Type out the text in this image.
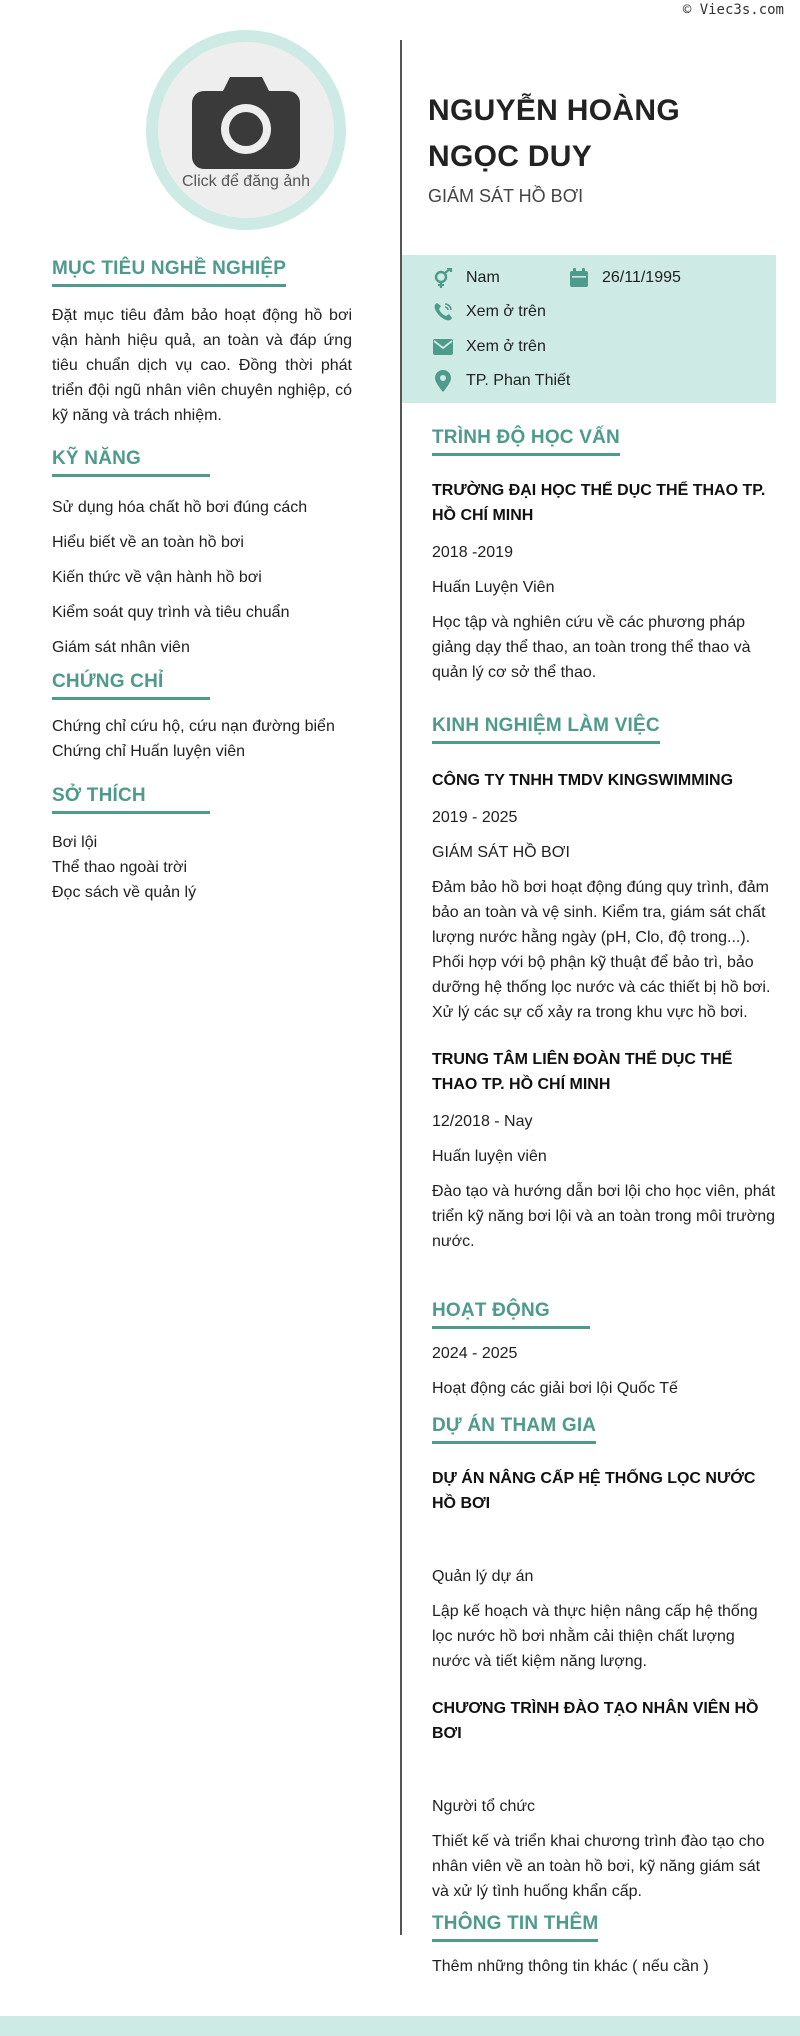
Click để đăng ảnh
MỤC TIÊU NGHỀ NGHIỆP

Đặt mục tiêu đảm bảo hoạt động hồ bơi vận hành hiệu quả, an toàn và đáp ứng tiêu chuẩn dịch vụ cao. Đồng thời phát triển đội ngũ nhân viên chuyên nghiệp, có kỹ năng và trách nhiệm.

KỸ NĂNG
Sử dụng hóa chất hồ bơi đúng cách
Hiểu biết về an toàn hồ bơi
Kiến thức về vận hành hồ bơi
Kiểm soát quy trình và tiêu chuẩn
Giám sát nhân viên
CHỨNG CHỈ
Chứng chỉ cứu hộ, cứu nạn đường biển
Chứng chỉ Huấn luyện viên
SỞ THÍCH
Bơi lội
Thể thao ngoài trời
Đọc sách về quản lý
NGUYỄN HOÀNG NGỌC DUY
GIÁM SÁT HỒ BƠI
Nam	26/11/1995
Xem ở trên
Xem ở trên
TP. Phan Thiết
TRÌNH ĐỘ HỌC VẤN
TRƯỜNG ĐẠI HỌC THỂ DỤC THỂ THAO TP. HỒ CHÍ MINH
2018 -2019
Huấn Luyện Viên
Học tập và nghiên cứu về các phương pháp giảng dạy thể thao, an toàn trong thể thao và quản lý cơ sở thể thao.
KINH NGHIỆM LÀM VIỆC
CÔNG TY TNHH TMDV KINGSWIMMING
2019 - 2025
GIÁM SÁT HỒ BƠI
Đảm bảo hồ bơi hoạt động đúng quy trình, đảm bảo an toàn và vệ sinh. Kiểm tra, giám sát chất lượng nước hằng ngày (pH, Clo, độ trong...). Phối hợp với bộ phận kỹ thuật để bảo trì, bảo dưỡng hệ thống lọc nước và các thiết bị hồ bơi. Xử lý các sự cố xảy ra trong khu vực hồ bơi.
TRUNG TÂM LIÊN ĐOÀN THỂ DỤC THỂ THAO TP. HỒ CHÍ MINH
12/2018 - Nay
Huấn luyện viên
Đào tạo và hướng dẫn bơi lội cho học viên, phát triển kỹ năng bơi lội và an toàn trong môi trường nước.
HOẠT ĐỘNG
2024 - 2025
Hoạt động các giải bơi lội Quốc Tế
DỰ ÁN THAM GIA
DỰ ÁN NÂNG CẤP HỆ THỐNG LỌC NƯỚC HỒ BƠI
Quản lý dự án
Lập kế hoạch và thực hiện nâng cấp hệ thống lọc nước hồ bơi nhằm cải thiện chất lượng nước và tiết kiệm năng lượng.
CHƯƠNG TRÌNH ĐÀO TẠO NHÂN VIÊN HỒ BƠI
Người tổ chức
Thiết kế và triển khai chương trình đào tạo cho nhân viên về an toàn hồ bơi, kỹ năng giám sát và xử lý tình huống khẩn cấp.
THÔNG TIN THÊM
Thêm những thông tin khác ( nếu cần )
© Viec3s.com
